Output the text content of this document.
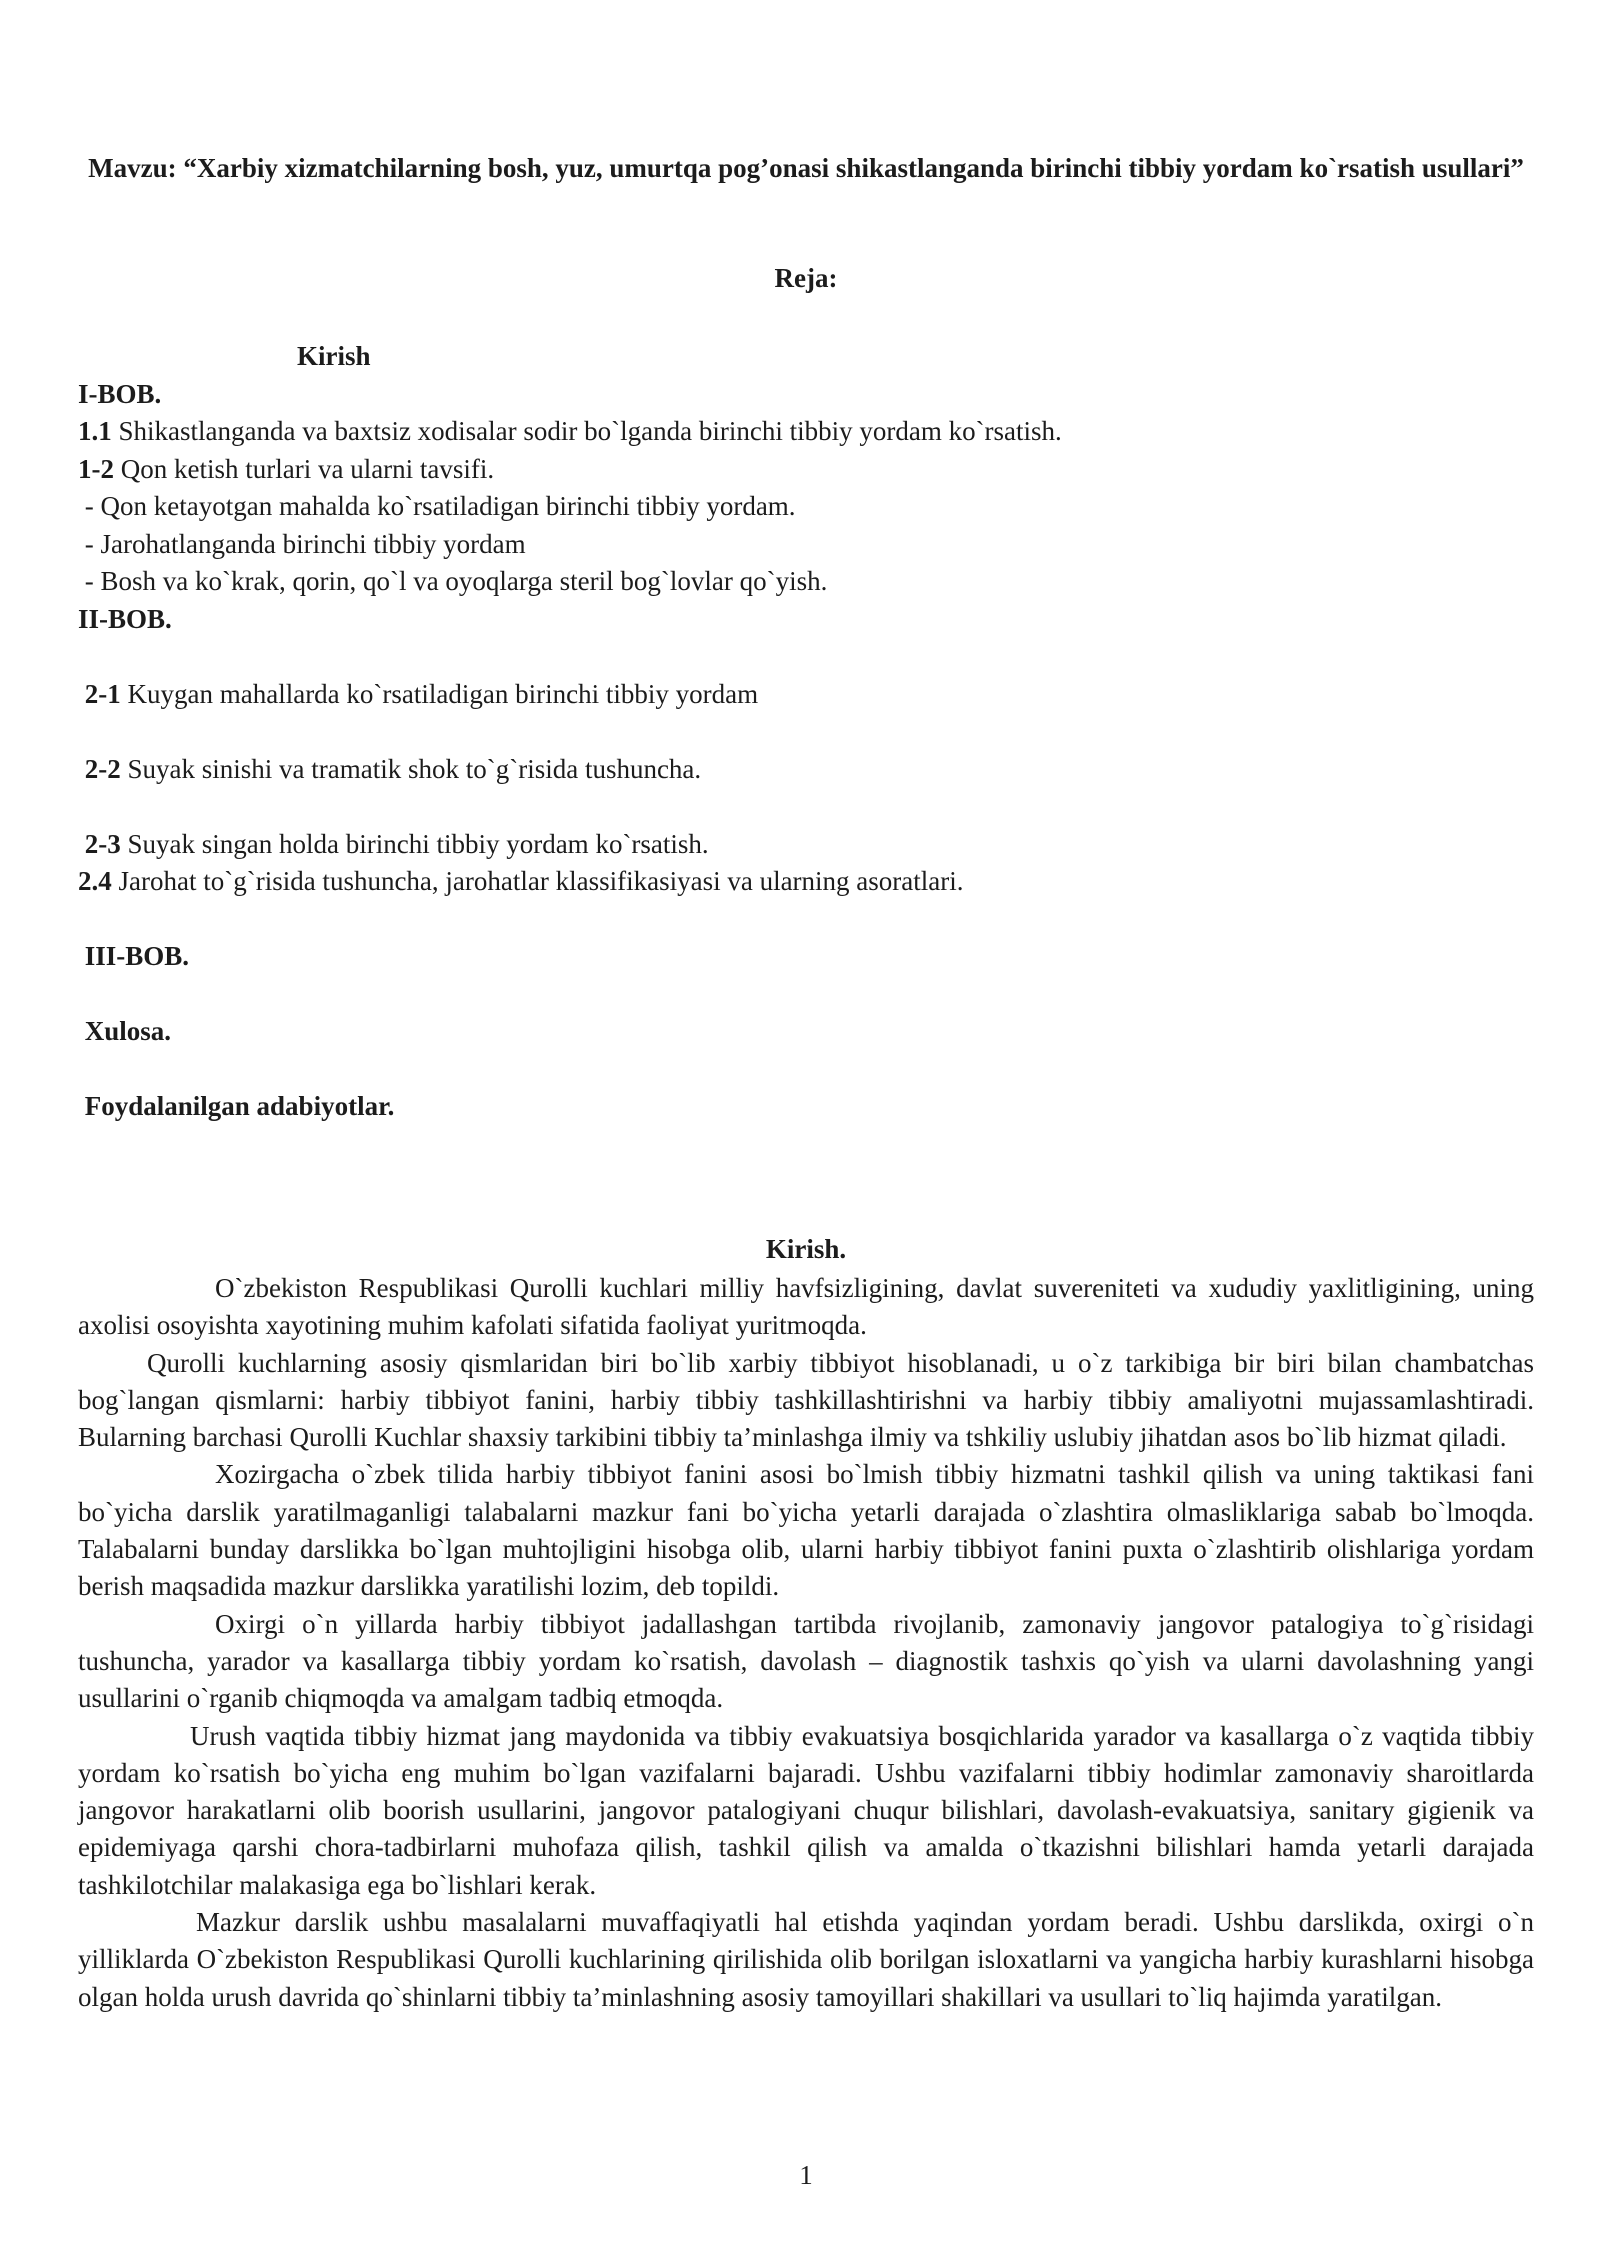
Mavzu: “Xarbiy xizmatchilarning bosh, yuz, umurtqa pog’onasi shikastlanganda birinchi tibbiy yordam ko`rsatish usullari”
Reja:
Kirish
I-BOB.
1.1 Shikastlanganda va baxtsiz xodisalar sodir bo`lganda birinchi tibbiy yordam ko`rsatish.
1-2 Qon ketish turlari va ularni tavsifi.
- Qon ketayotgan mahalda ko`rsatiladigan birinchi tibbiy yordam.
- Jarohatlanganda birinchi tibbiy yordam
- Bosh va ko`krak, qorin, qo`l va oyoqlarga steril bog`lovlar qo`yish.
II-BOB.
2-1 Kuygan mahallarda ko`rsatiladigan birinchi tibbiy yordam
2-2 Suyak sinishi va tramatik shok to`g`risida tushuncha.
2-3 Suyak singan holda birinchi tibbiy yordam ko`rsatish.
2.4 Jarohat to`g`risida tushuncha, jarohatlar klassifikasiyasi va ularning asoratlari.
III-BOB.
Xulosa.
Foydalanilgan adabiyotlar.
Kirish.

O`zbekiston Respublikasi Qurolli kuchlari milliy havfsizligining, davlat suvereniteti va xududiy yaxlitligining, uning axolisi osoyishta xayotining muhim kafolati sifatida faoliyat yuritmoqda.

Qurolli kuchlarning asosiy qismlaridan biri bo`lib xarbiy tibbiyot hisoblanadi, u o`z tarkibiga bir biri bilan chambatchas bog`langan qismlarni: harbiy tibbiyot fanini, harbiy tibbiy tashkillashtirishni va harbiy tibbiy amaliyotni mujassamlashtiradi. Bularning barchasi Qurolli Kuchlar shaxsiy tarkibini tibbiy ta’minlashga ilmiy va tshkiliy uslubiy jihatdan asos bo`lib hizmat qiladi.

Xozirgacha o`zbek tilida harbiy tibbiyot fanini asosi bo`lmish tibbiy hizmatni tashkil qilish va uning taktikasi fani bo`yicha darslik yaratilmaganligi talabalarni mazkur fani bo`yicha yetarli darajada o`zlashtira olmasliklariga sabab bo`lmoqda. Talabalarni bunday darslikka bo`lgan muhtojligini hisobga olib, ularni harbiy tibbiyot fanini puxta o`zlashtirib olishlariga yordam berish maqsadida mazkur darslikka yaratilishi lozim, deb topildi.

Oxirgi o`n yillarda harbiy tibbiyot jadallashgan tartibda rivojlanib, zamonaviy jangovor patalogiya to`g`risidagi tushuncha, yarador va kasallarga tibbiy yordam ko`rsatish, davolash – diagnostik tashxis qo`yish va ularni davolashning yangi usullarini o`rganib chiqmoqda va amalgam tadbiq etmoqda.

Urush vaqtida tibbiy hizmat jang maydonida va tibbiy evakuatsiya bosqichlarida yarador va kasallarga o`z vaqtida tibbiy yordam ko`rsatish bo`yicha eng muhim bo`lgan vazifalarni bajaradi. Ushbu vazifalarni tibbiy hodimlar zamonaviy sharoitlarda jangovor harakatlarni olib boorish usullarini, jangovor patalogiyani chuqur bilishlari, davolash-evakuatsiya, sanitary gigienik va epidemiyaga qarshi chora-tadbirlarni muhofaza qilish, tashkil qilish va amalda o`tkazishni bilishlari hamda yetarli darajada tashkilotchilar malakasiga ega bo`lishlari kerak.

Mazkur darslik ushbu masalalarni muvaffaqiyatli hal etishda yaqindan yordam beradi. Ushbu darslikda, oxirgi o`n yilliklarda O`zbekiston Respublikasi Qurolli kuchlarining qirilishida olib borilgan isloxatlarni va yangicha harbiy kurashlarni hisobga olgan holda urush davrida qo`shinlarni tibbiy ta’minlashning asosiy tamoyillari shakillari va usullari to`liq hajimda yaratilgan.

1
